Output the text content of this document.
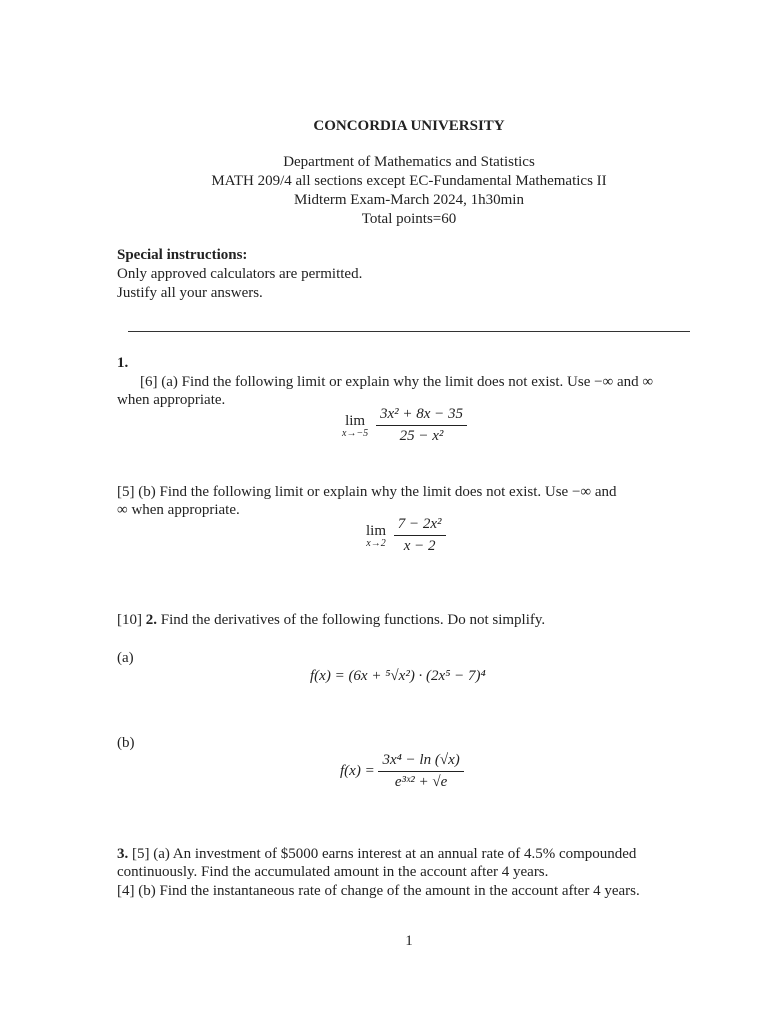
CONCORDIA UNIVERSITY
Department of Mathematics and Statistics
MATH 209/4 all sections except EC-Fundamental Mathematics II
Midterm Exam-March 2024, 1h30min
Total points=60
Special instructions:
Only approved calculators are permitted.
Justify all your answers.
1.
[6] (a) Find the following limit or explain why the limit does not exist. Use −∞ and ∞
when appropriate.
lim
x→−5
$\frac{\text{3x² + 8x − 35}}{\text{25 − x²}}$
[5] (b) Find the following limit or explain why the limit does not exist. Use −∞ and
∞ when appropriate.
lim
x→2
$\frac{\text{7 − 2x²}}{x - 2}$
[10] 2. Find the derivatives of the following functions. Do not simplify.
(a)
f(x) = (6x + ⁵√x²) · (2x⁵ − 7)⁴
(b)
$f(x) = \frac{\text{3x⁴ − ln (√x)}}{\text{e³ˣ² + √e}}$
3. [5] (a) An investment of $5000 earns interest at an annual rate of 4.5% compounded
continuously. Find the accumulated amount in the account after 4 years.
[4] (b) Find the instantaneous rate of change of the amount in the account after 4 years.
1
